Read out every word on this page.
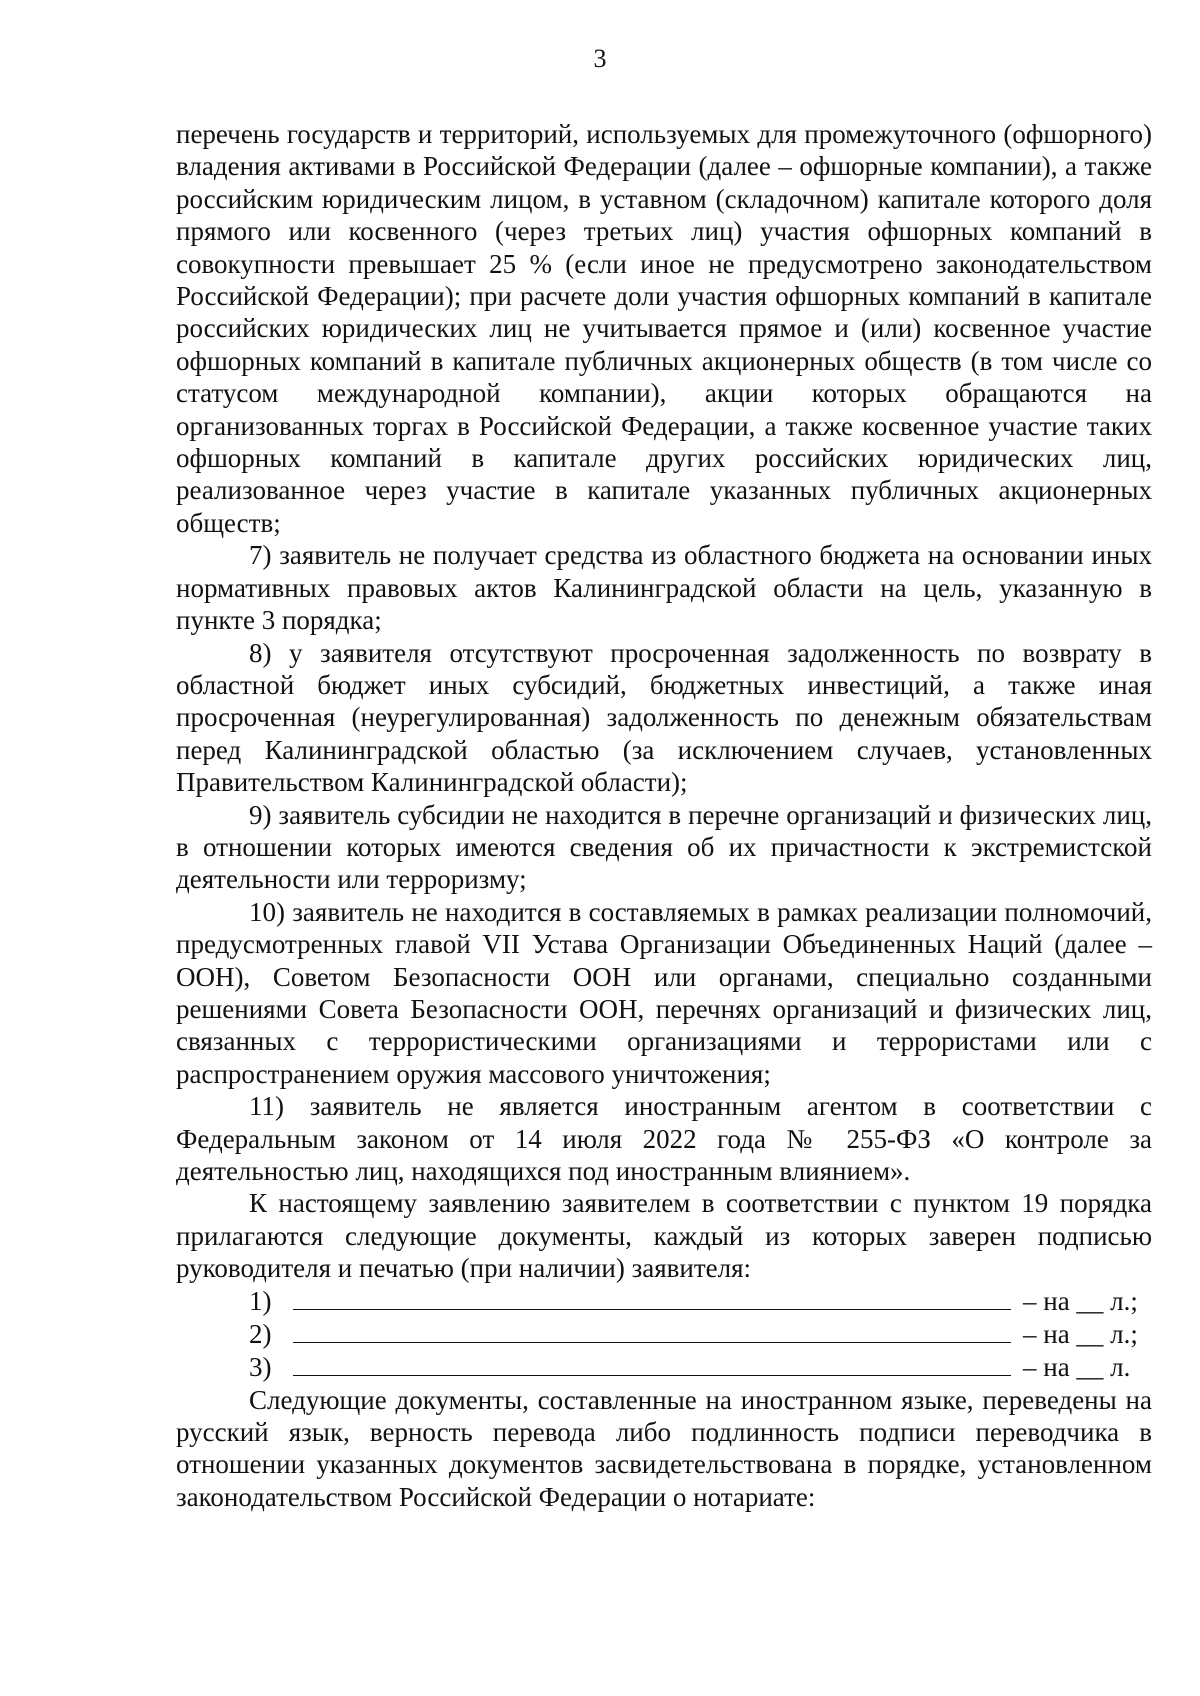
3

перечень государств и территорий, используемых для промежуточного (офшорного) владения активами в Российской Федерации (далее – офшорные компании), а также российским юридическим лицом, в уставном (складочном) капитале которого доля прямого или косвенного (через третьих лиц) участия офшорных компаний в совокупности превышает 25 % (если иное не предусмотрено законодательством Российской Федерации); при расчете доли участия офшорных компаний в капитале российских юридических лиц не учитывается прямое и (или) косвенное участие офшорных компаний в капитале публичных акционерных обществ (в том числе со статусом международной компании), акции которых обращаются на организованных торгах в Российской Федерации, а также косвенное участие таких офшорных компаний в капитале других российских юридических лиц, реализованное через участие в капитале указанных публичных акционерных обществ;

7) заявитель не получает средства из областного бюджета на основании иных нормативных правовых актов Калининградской области на цель, указанную в пункте 3 порядка;

8) у заявителя отсутствуют просроченная задолженность по возврату в областной бюджет иных субсидий, бюджетных инвестиций, а также иная просроченная (неурегулированная) задолженность по денежным обязательствам перед Калининградской областью (за исключением случаев, установленных Правительством Калининградской области);

9) заявитель субсидии не находится в перечне организаций и физических лиц, в отношении которых имеются сведения об их причастности к экстремистской деятельности или терроризму;

10) заявитель не находится в составляемых в рамках реализации полномочий, предусмотренных главой VII Устава Организации Объединенных Наций (далее – ООН), Советом Безопасности ООН или органами, специально созданными решениями Совета Безопасности ООН, перечнях организаций и физических лиц, связанных с террористическими организациями и террористами или с распространением оружия массового уничтожения;

11) заявитель не является иностранным агентом в соответствии с Федеральным законом от 14 июля 2022 года № 255-ФЗ «О контроле за деятельностью лиц, находящихся под иностранным влиянием».

К настоящему заявлению заявителем в соответствии с пунктом 19 порядка прилагаются следующие документы, каждый из которых заверен подписью руководителя и печатью (при наличии) заявителя:

1)	– на __ л.;
2)	– на __ л.;
3)	– на __ л.

Следующие документы, составленные на иностранном языке, переведены на русский язык, верность перевода либо подлинность подписи переводчика в отношении указанных документов засвидетельствована в порядке, установленном законодательством Российской Федерации о нотариате:
